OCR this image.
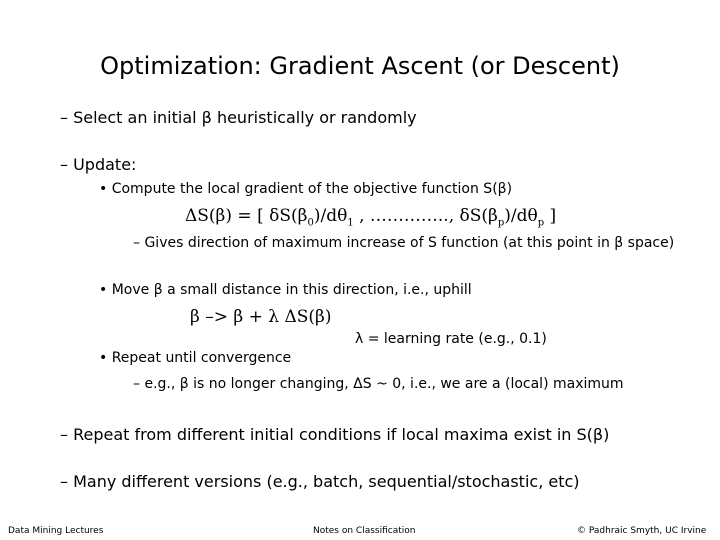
Optimization: Gradient Ascent (or Descent)
– Select an initial β heuristically or randomly
– Update:
• Compute the local gradient of the objective function S(β)
ΔS(β) = [ $\delta S(\beta_0)/d\theta_1$ , ………….., $\delta S(\beta_p)/d\theta_p$ ]
– Gives direction of maximum increase of S function (at this point in β space)
• Move β a small distance in this direction, i.e., uphill
β –> β + λ ΔS(β)
λ = learning rate (e.g., 0.1)
• Repeat until convergence
– e.g., β is no longer changing, ΔS ~ 0, i.e., we are a (local) maximum
– Repeat from different initial conditions if local maxima exist in S(β)
– Many different versions (e.g., batch, sequential/stochastic, etc)
Data Mining Lectures	Notes on Classification	© Padhraic Smyth, UC Irvine
